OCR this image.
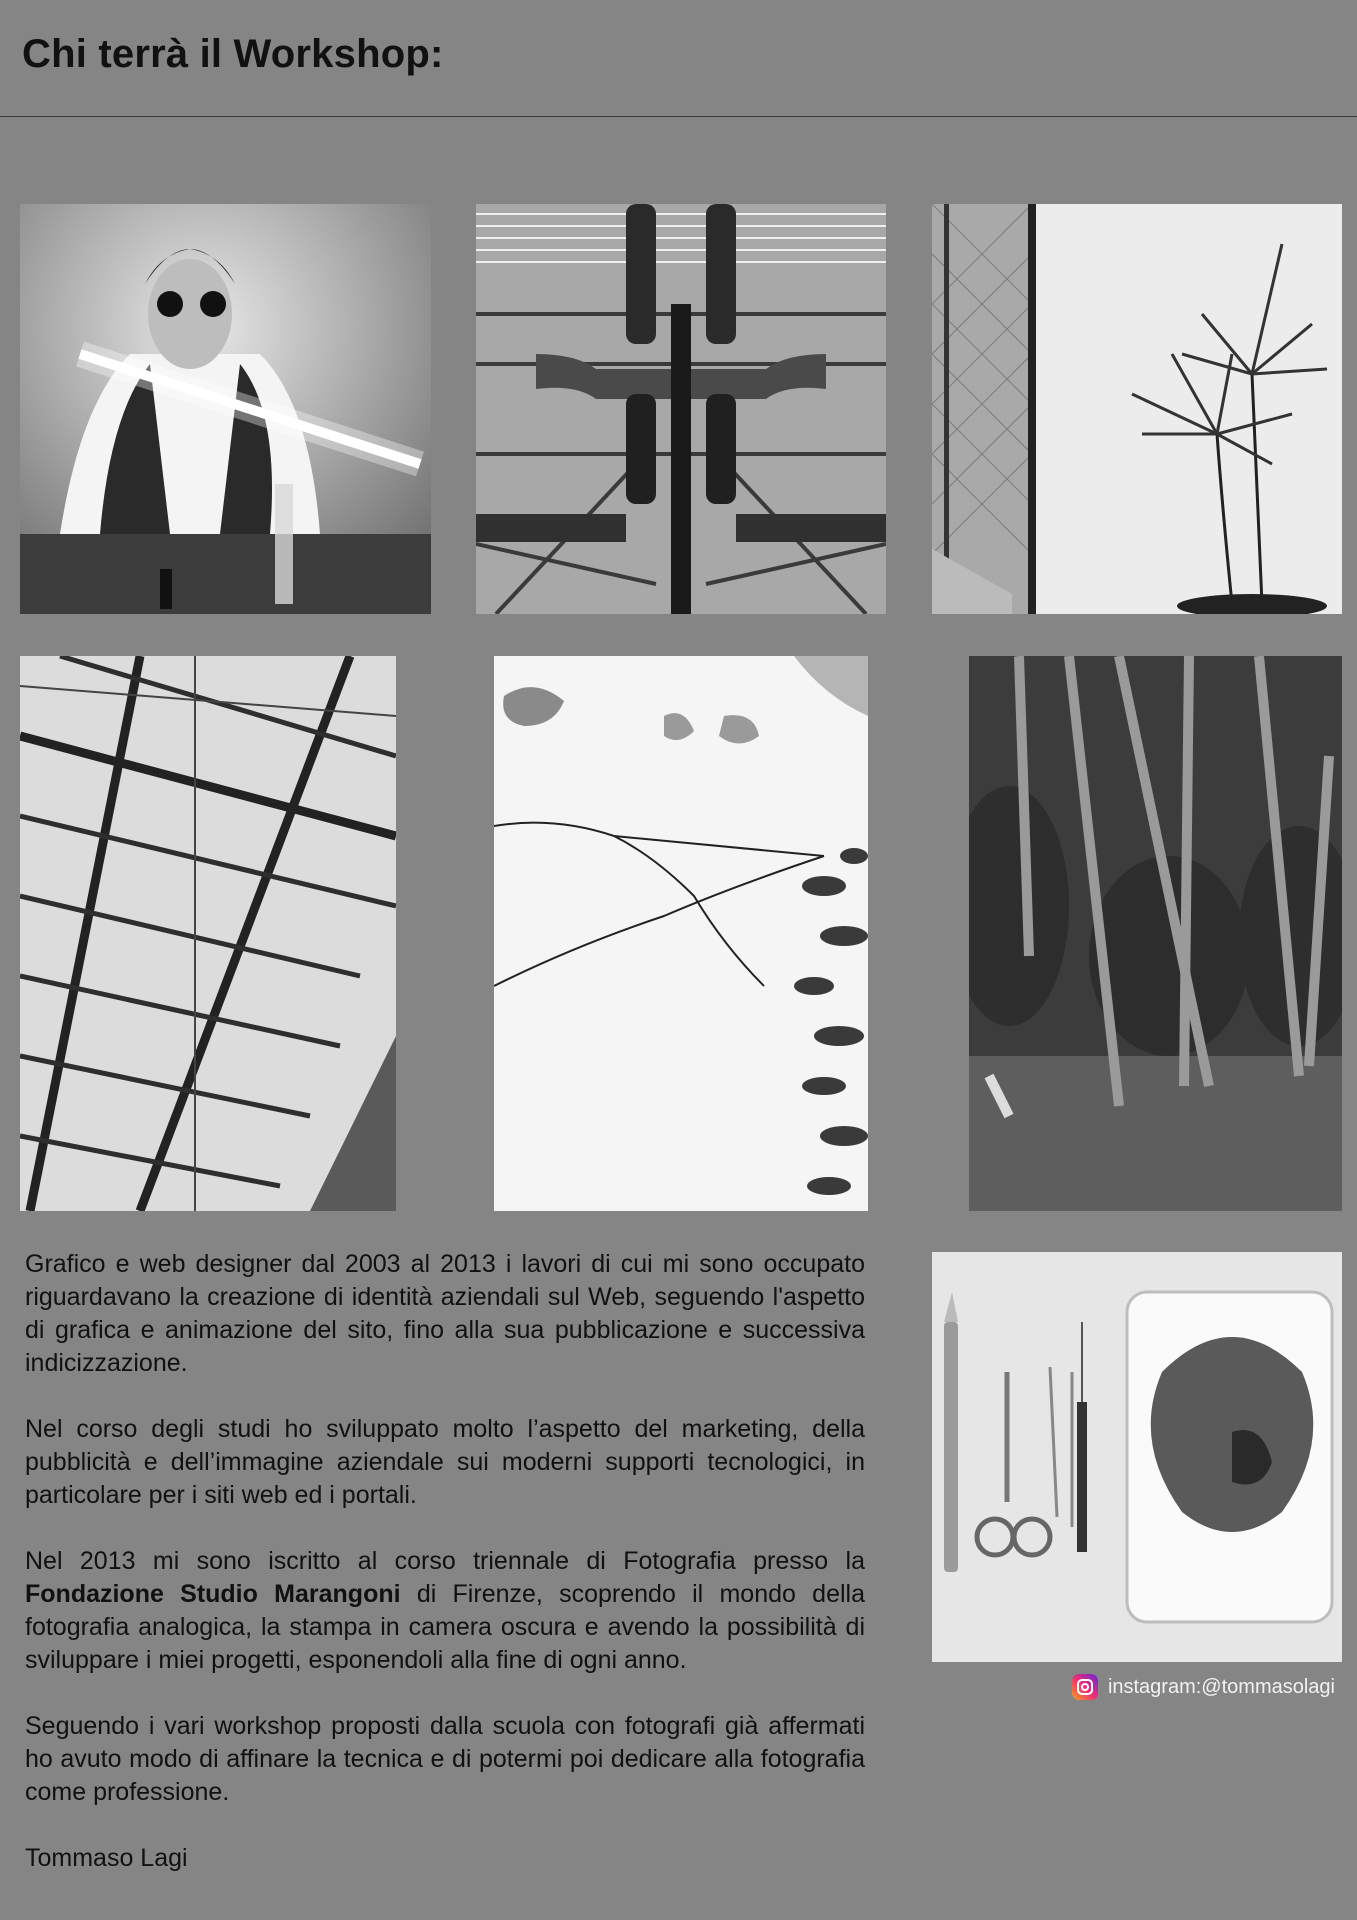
Chi terrà il Workshop:

Grafico e web designer dal 2003 al 2013 i lavori di cui mi sono occupato riguardavano la creazione di identità aziendali sul Web, seguendo l'aspetto di grafica e animazione del sito, fino alla sua pubblicazione e successiva indicizzazione.

Nel corso degli studi ho sviluppato molto l’aspetto del marketing, della pubblicità e dell’immagine aziendale sui moderni supporti tecnologici, in particolare per i siti web ed i portali.

Nel 2013 mi sono iscritto al corso triennale di Fotografia presso la Fondazione Studio Marangoni di Firenze, scoprendo il mondo della fotografia analogica, la stampa in camera oscura e avendo la possibilità di sviluppare i miei progetti, esponendoli alla fine di ogni anno.

Seguendo i vari workshop proposti dalla scuola con fotografi già affermati ho avuto modo di affinare la tecnica e di potermi poi dedicare alla fotografia come professione.

Tommaso Lagi

instagram:@tommasolagi
